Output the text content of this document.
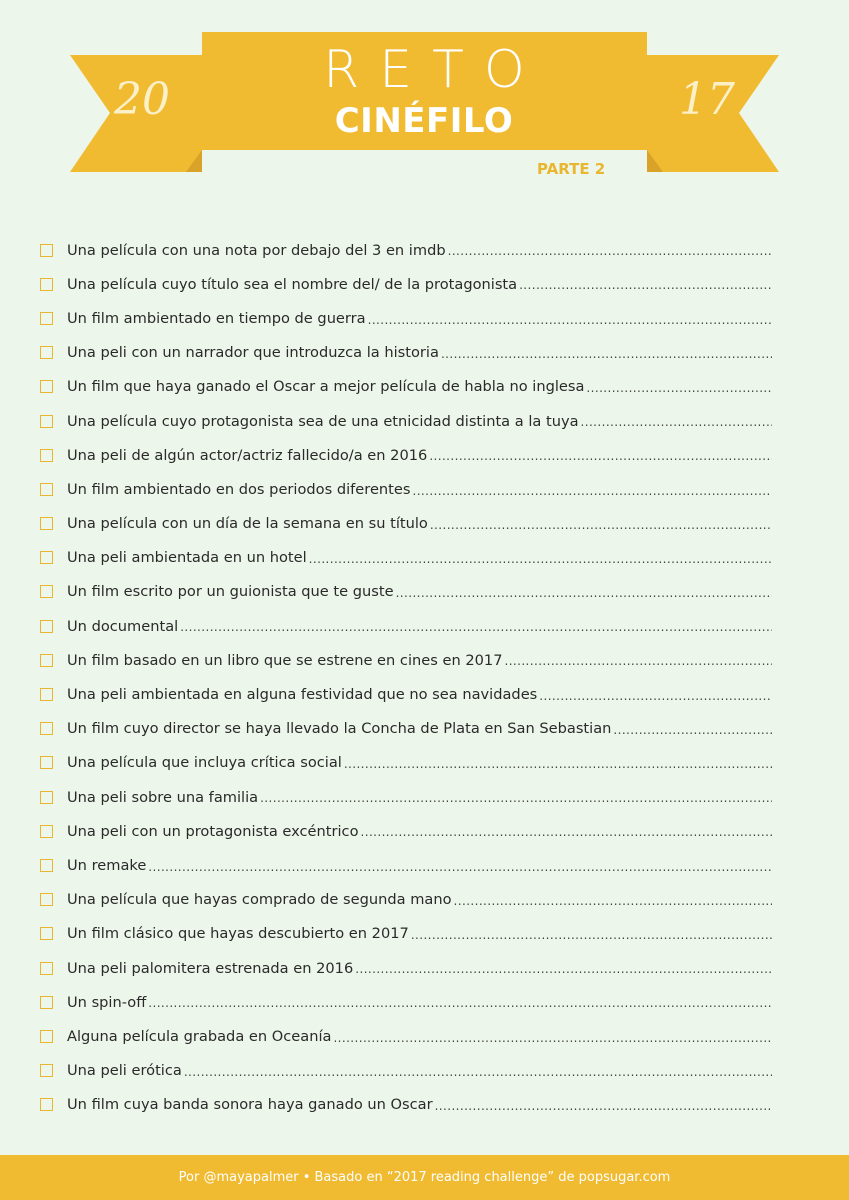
20	17
RETO
CINÉFILO
PARTE 2
Una película con una nota por debajo del 3 en imdb
.....
Una película cuyo título sea el nombre del/ de la protagonista
.....
Un film ambientado en tiempo de guerra
.....
Una peli con un narrador que introduzca la historia
.....
Un film que haya ganado el Oscar a mejor película de habla no inglesa
.....
Una película cuyo protagonista sea de una etnicidad distinta a la tuya
.....
Una peli de algún actor/actriz fallecido/a en 2016
.....
Un film ambientado en dos periodos diferentes
.....
Una película con un día de la semana en su título
.....
Una peli ambientada en un hotel
.....
Un film escrito por un guionista que te guste
.....
Un documental
.....
Un film basado en un libro que se estrene en cines en 2017
.....
Una peli ambientada en alguna festividad que no sea navidades
.....
Un film cuyo director se haya llevado la Concha de Plata en San Sebastian
.....
Una película que incluya crítica social
.....
Una peli sobre una familia
.....
Una peli con un protagonista excéntrico
.....
Un remake
.....
Una película que hayas comprado de segunda mano
.....
Un film clásico que hayas descubierto en 2017
.....
Una peli palomitera estrenada en 2016
.....
Un spin-off
.....
Alguna película grabada en Oceanía
.....
Una peli erótica
.....
Un film cuya banda sonora haya ganado un Oscar
.....
Por @mayapalmer • Basado en “2017 reading challenge” de popsugar.com
